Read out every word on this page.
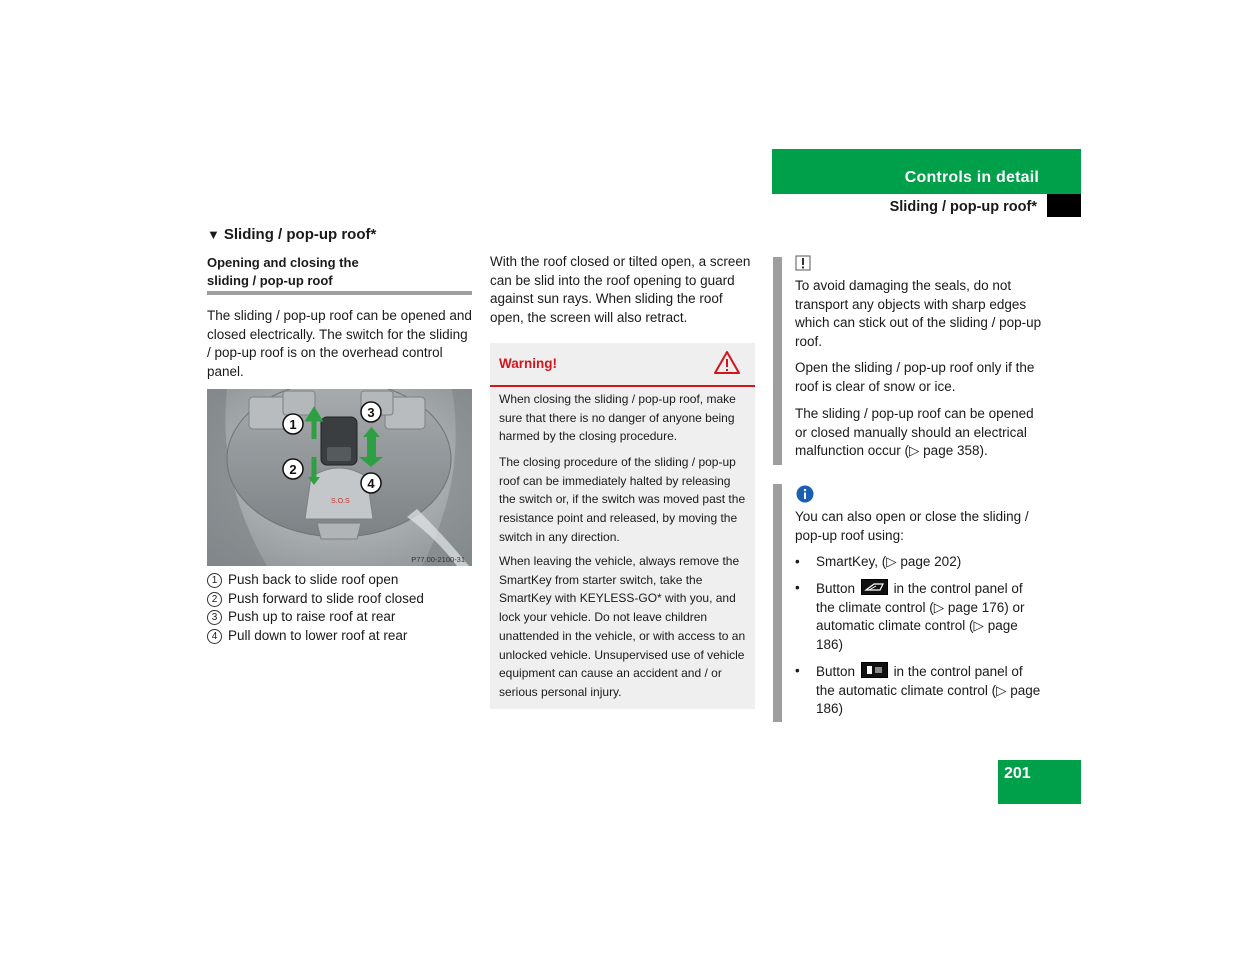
Controls in detail
Sliding / pop-up roof*
▼ Sliding / pop-up roof*
Opening and closing the
sliding / pop-up roof
The sliding / pop-up roof can be opened and closed electrically. The switch for the sliding / pop-up roof is on the overhead control panel.
S.O.S
1
2
3
4
P77.00-2100-31
1 Push back to slide roof open
2 Push forward to slide roof closed
3 Push up to raise roof at rear
4 Pull down to lower roof at rear
With the roof closed or tilted open, a screen can be slid into the roof opening to guard against sun rays. When sliding the roof open, the screen will also retract.
Warning!
When closing the sliding / pop-up roof, make sure that there is no danger of anyone being harmed by the closing procedure.
The closing procedure of the sliding / pop-up roof can be immediately halted by releasing the switch or, if the switch was moved past the resistance point and released, by moving the switch in any direction.
When leaving the vehicle, always remove the SmartKey from starter switch, take the SmartKey with KEYLESS-GO* with you, and lock your vehicle. Do not leave children unattended in the vehicle, or with access to an unlocked vehicle. Unsupervised use of vehicle equipment can cause an accident and / or serious personal injury.
To avoid damaging the seals, do not transport any objects with sharp edges which can stick out of the sliding / pop-up roof.
Open the sliding / pop-up roof only if the roof is clear of snow or ice.
The sliding / pop-up roof can be opened or closed manually should an electrical malfunction occur (▷ page 358).
You can also open or close the sliding / pop-up roof using:
• SmartKey, (▷ page 202)
• Button	in the control panel of the climate control (▷ page 176) or automatic climate control (▷ page 186)
• Button	in the control panel of the automatic climate control (▷ page 186)
201
